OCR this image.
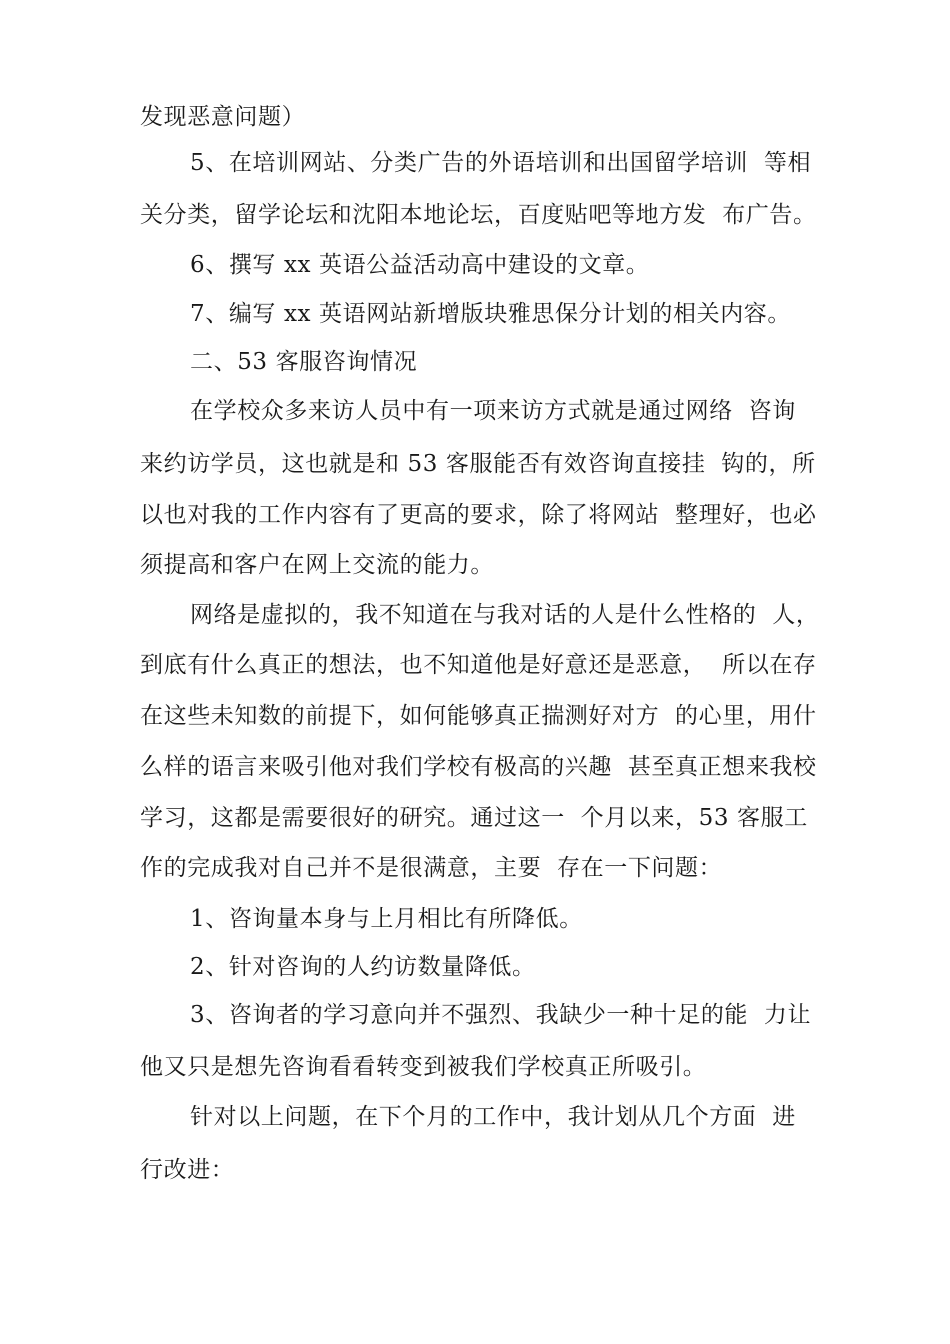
发现恶意问题）
5、在培训网站、分类广告的外语培训和出国留学培训  等相
关分类，留学论坛和沈阳本地论坛，百度贴吧等地方发  布广告。
6、撰写 xx 英语公益活动高中建设的文章。
7、编写 xx 英语网站新增版块雅思保分计划的相关内容。
二、53 客服咨询情况
在学校众多来访人员中有一项来访方式就是通过网络  咨询
来约访学员，这也就是和 53 客服能否有效咨询直接挂  钩的，所
以也对我的工作内容有了更高的要求，除了将网站  整理好，也必
须提高和客户在网上交流的能力。
网络是虚拟的，我不知道在与我对话的人是什么性格的  人，
到底有什么真正的想法，也不知道他是好意还是恶意，  所以在存
在这些未知数的前提下，如何能够真正揣测好对方  的心里，用什
么样的语言来吸引他对我们学校有极高的兴趣  甚至真正想来我校
学习，这都是需要很好的研究。通过这一  个月以来，53 客服工
作的完成我对自己并不是很满意，主要  存在一下问题：
1、咨询量本身与上月相比有所降低。
2、针对咨询的人约访数量降低。
3、咨询者的学习意向并不强烈、我缺少一种十足的能  力让
他又只是想先咨询看看转变到被我们学校真正所吸引。
针对以上问题，在下个月的工作中，我计划从几个方面  进
行改进：
